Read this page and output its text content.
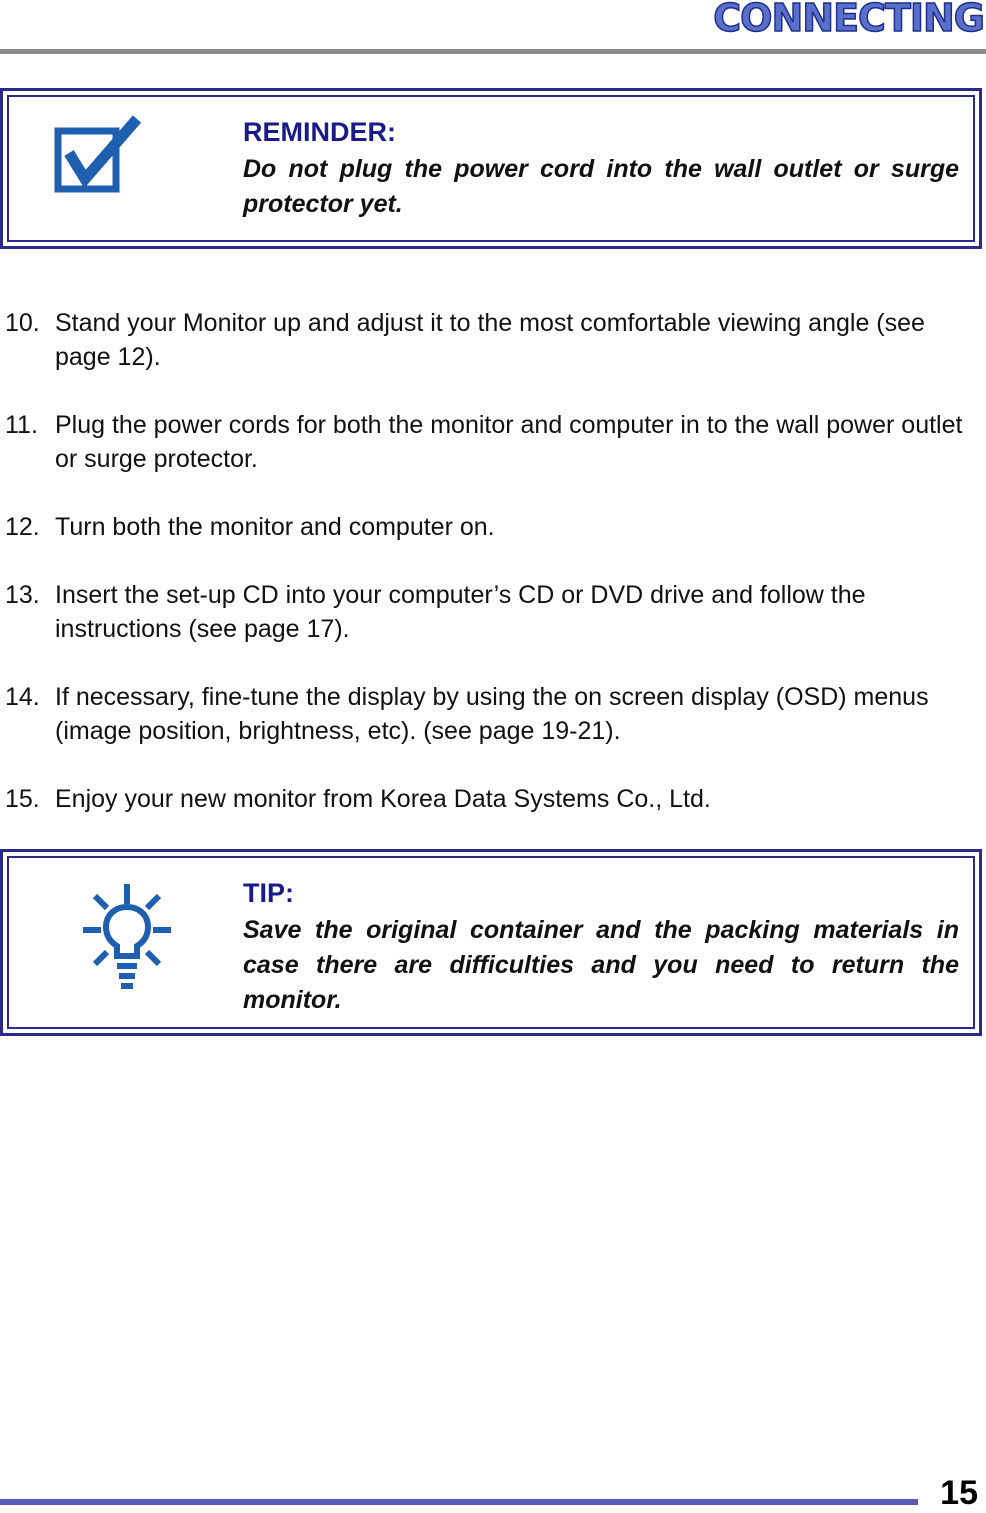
CONNECTING
REMINDER:
Do not plug the power cord into the wall outlet or surge protector yet.
10. Stand your Monitor up and adjust it to the most comfortable viewing angle (see page 12).
11. Plug the power cords for both the monitor and computer in to the wall power outlet or surge protector.
12. Turn both the monitor and computer on.
13. Insert the set-up CD into your computer’s CD or DVD drive and follow the instructions (see page 17).
14. If necessary, fine-tune the display by using the on screen display (OSD) menus (image position, brightness, etc). (see page 19-21).
15. Enjoy your new monitor from Korea Data Systems Co., Ltd.
TIP:
Save the original container and the packing materials in case there are difficulties and you need to return the monitor.
15
